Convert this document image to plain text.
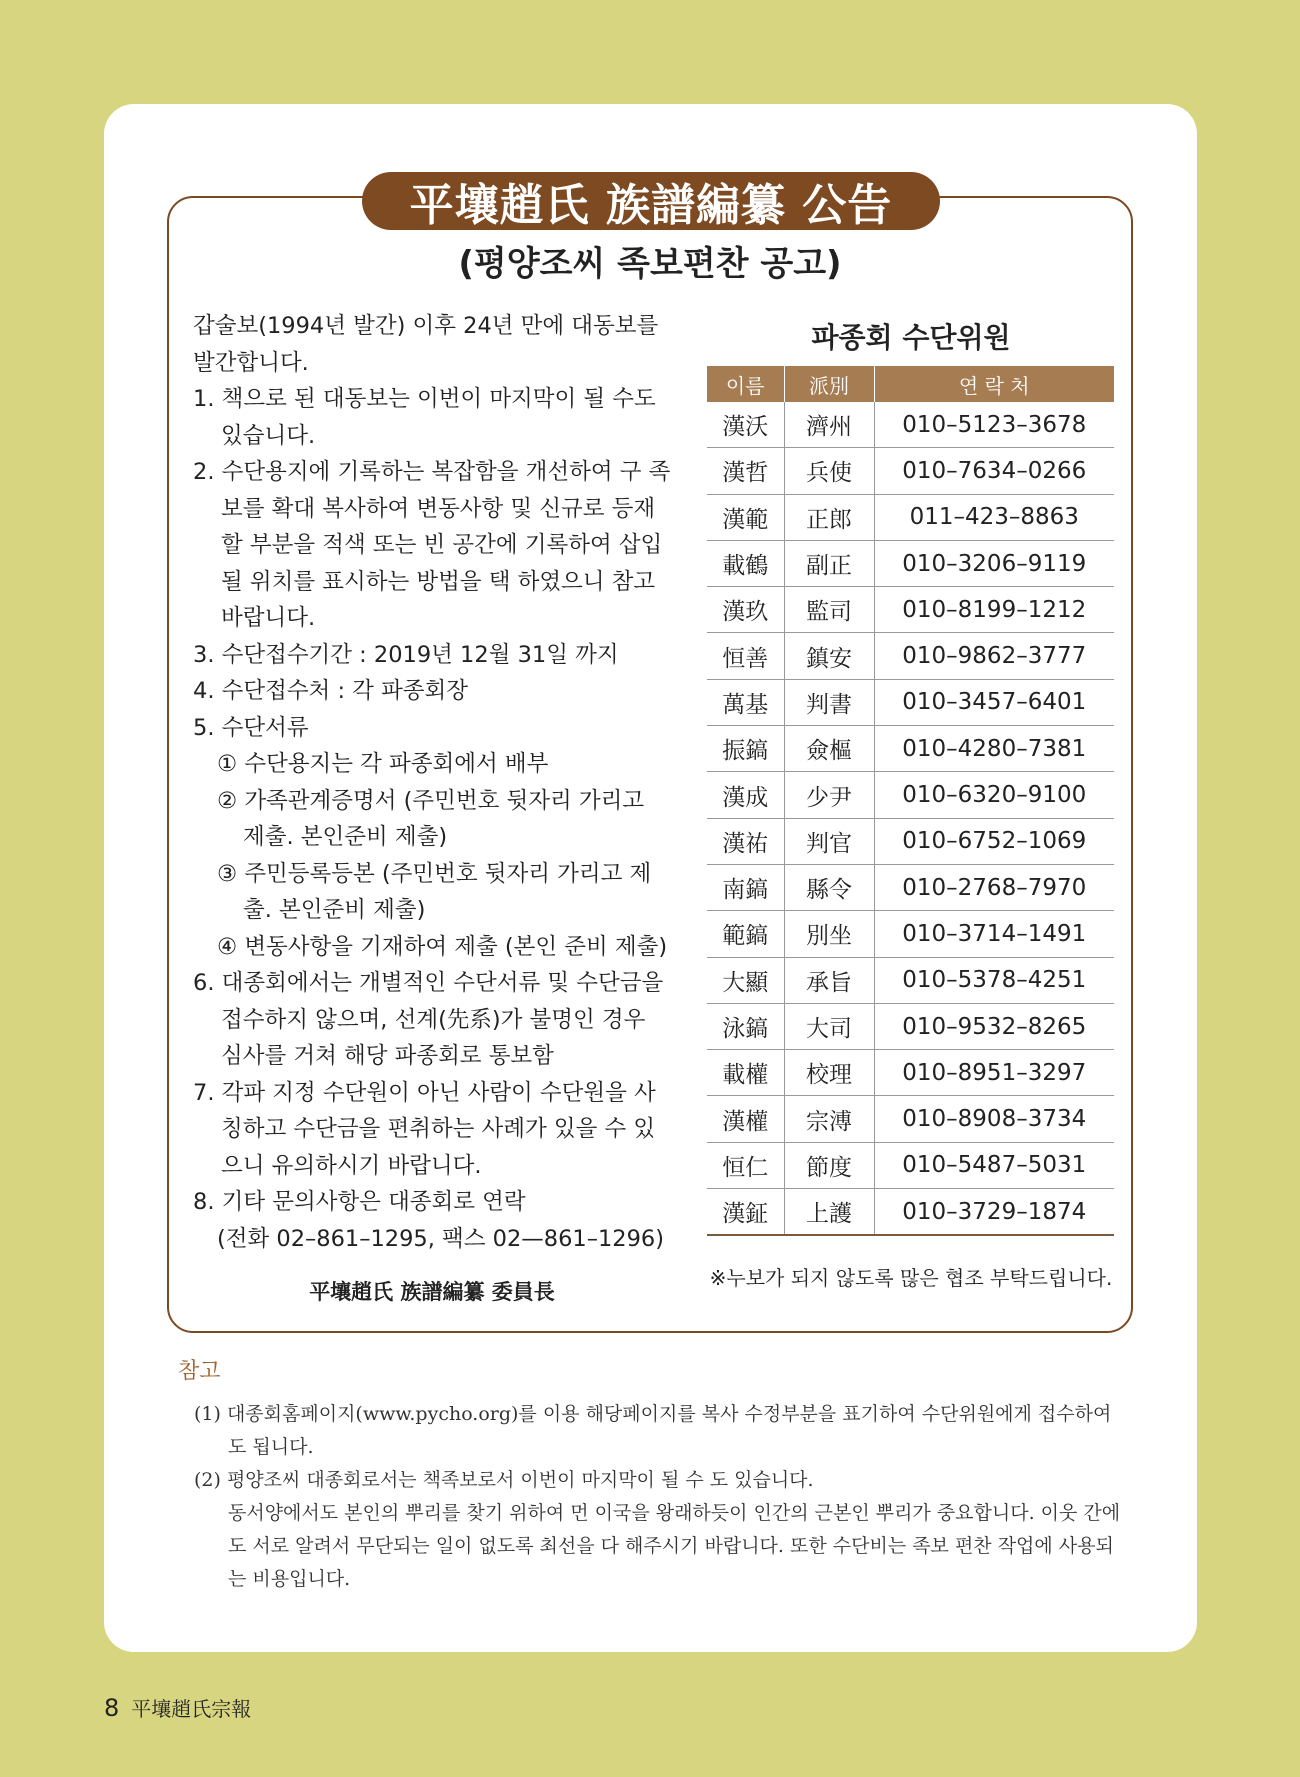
平壤趙氏 族譜編纂 公告
(평양조씨 족보편찬 공고)

갑술보(1994년 발간) 이후 24년 만에 대동보를 발간합니다.

1. 책으로 된 대동보는 이번이 마지막이 될 수도 있습니다.

2. 수단용지에 기록하는 복잡함을 개선하여 구 족보를 확대 복사하여 변동사항 및 신규로 등재할 부분을 적색 또는 빈 공간에 기록하여 삽입 될 위치를 표시하는 방법을 택 하였으니 참고 바랍니다.

3. 수단접수기간 : 2019년 12월 31일 까지

4. 수단접수처 : 각 파종회장

5. 수단서류

① 수단용지는 각 파종회에서 배부

② 가족관계증명서 (주민번호 뒷자리 가리고 제출. 본인준비 제출)

③ 주민등록등본 (주민번호 뒷자리 가리고 제출. 본인준비 제출)

④ 변동사항을 기재하여 제출 (본인 준비 제출)

6. 대종회에서는 개별적인 수단서류 및 수단금을 접수하지 않으며, 선계(先系)가 불명인 경우 심사를 거쳐 해당 파종회로 통보함

7. 각파 지정 수단원이 아닌 사람이 수단원을 사칭하고 수단금을 편취하는 사례가 있을 수 있으니 유의하시기 바랍니다.

8. 기타 문의사항은 대종회로 연락

(전화 02–861–1295, 팩스 02—861–1296)

平壤趙氏 族譜編纂 委員長
파종회 수단위원
이름	派別	연 락 처
漢沃	濟州	010–5123–3678
漢哲	兵使	010–7634–0266
漢範	正郎	011–423–8863
載鶴	副正	010–3206–9119
漢玖	監司	010–8199–1212
恒善	鎮安	010–9862–3777
萬基	判書	010–3457–6401
振鎬	僉樞	010–4280–7381
漢成	少尹	010–6320–9100
漢祐	判官	010–6752–1069
南鎬	縣令	010–2768–7970
範鎬	別坐	010–3714–1491
大顯	承旨	010–5378–4251
泳鎬	大司	010–9532–8265
載權	校理	010–8951–3297
漢權	宗溥	010–8908–3734
恒仁	節度	010–5487–5031
漢鉦	上護	010–3729–1874
※누보가 되지 않도록 많은 협조 부탁드립니다.
참고

(1) 대종회홈페이지(www.pycho.org)를 이용 해당페이지를 복사 수정부분을 표기하여 수단위원에게 접수하여도 됩니다.

(2) 평양조씨 대종회로서는 책족보로서 이번이 마지막이 될 수 도 있습니다.

동서양에서도 본인의 뿌리를 찾기 위하여 먼 이국을 왕래하듯이 인간의 근본인 뿌리가 중요합니다. 이웃 간에도 서로 알려서 무단되는 일이 없도록 최선을 다 해주시기 바랍니다. 또한 수단비는 족보 편찬 작업에 사용되는 비용입니다.

8 平壤趙氏宗報
